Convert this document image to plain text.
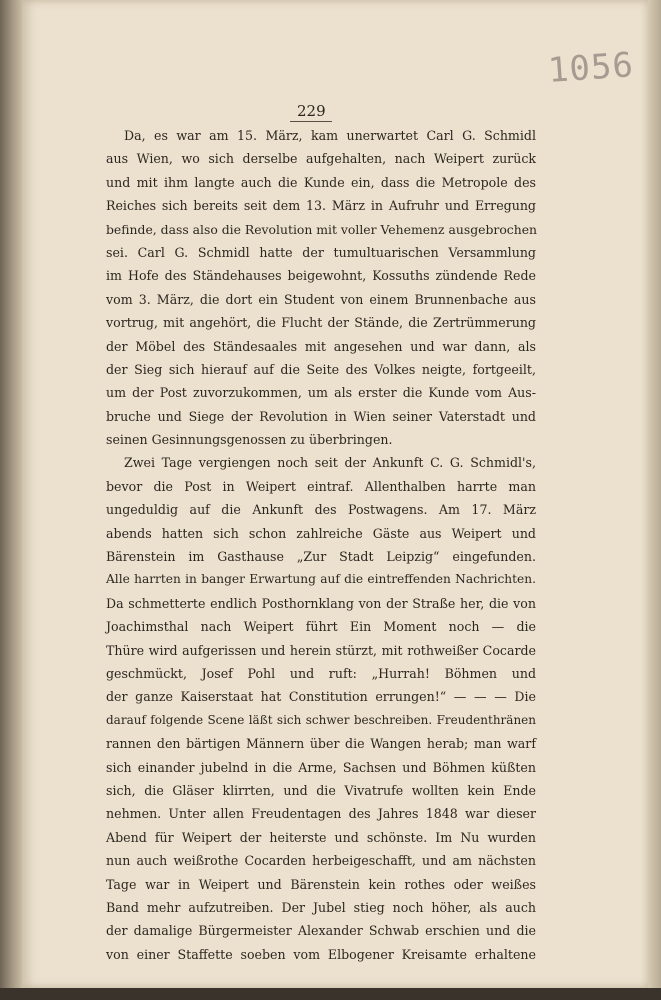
1056
229
Da, es war am 15. März, kam unerwartet Carl G. Schmidl
aus Wien, wo sich derselbe aufgehalten, nach Weipert zurück
und mit ihm langte auch die Kunde ein, dass die Metropole des
Reiches sich bereits seit dem 13. März in Aufruhr und Erregung
befinde, dass also die Revolution mit voller Vehemenz ausgebrochen
sei. Carl G. Schmidl hatte der tumultuarischen Versammlung
im Hofe des Ständehauses beigewohnt, Kossuths zündende Rede
vom 3. März, die dort ein Student von einem Brunnenbache aus
vortrug, mit angehört, die Flucht der Stände, die Zertrümmerung
der Möbel des Ständesaales mit angesehen und war dann, als
der Sieg sich hierauf auf die Seite des Volkes neigte, fortgeeilt,
um der Post zuvorzukommen, um als erster die Kunde vom Aus-
bruche und Siege der Revolution in Wien seiner Vaterstadt und
seinen Gesinnungsgenossen zu überbringen.
Zwei Tage vergiengen noch seit der Ankunft C. G. Schmidl's,
bevor die Post in Weipert eintraf. Allenthalben harrte man
ungeduldig auf die Ankunft des Postwagens. Am 17. März
abends hatten sich schon zahlreiche Gäste aus Weipert und
Bärenstein im Gasthause „Zur Stadt Leipzig“ eingefunden.
Alle harrten in banger Erwartung auf die eintreffenden Nachrichten.
Da schmetterte endlich Posthornklang von der Straße her, die von
Joachimsthal nach Weipert führt Ein Moment noch — die
Thüre wird aufgerissen und herein stürzt, mit rothweißer Cocarde
geschmückt, Josef Pohl und ruft: „Hurrah! Böhmen und
der ganze Kaiserstaat hat Constitution errungen!“ — — — Die
darauf folgende Scene läßt sich schwer beschreiben. Freudenthränen
rannen den bärtigen Männern über die Wangen herab; man warf
sich einander jubelnd in die Arme, Sachsen und Böhmen küßten
sich, die Gläser klirrten, und die Vivatrufe wollten kein Ende
nehmen. Unter allen Freudentagen des Jahres 1848 war dieser
Abend für Weipert der heiterste und schönste. Im Nu wurden
nun auch weißrothe Cocarden herbeigeschafft, und am nächsten
Tage war in Weipert und Bärenstein kein rothes oder weißes
Band mehr aufzutreiben. Der Jubel stieg noch höher, als auch
der damalige Bürgermeister Alexander Schwab erschien und die
von einer Staffette soeben vom Elbogener Kreisamte erhaltene
